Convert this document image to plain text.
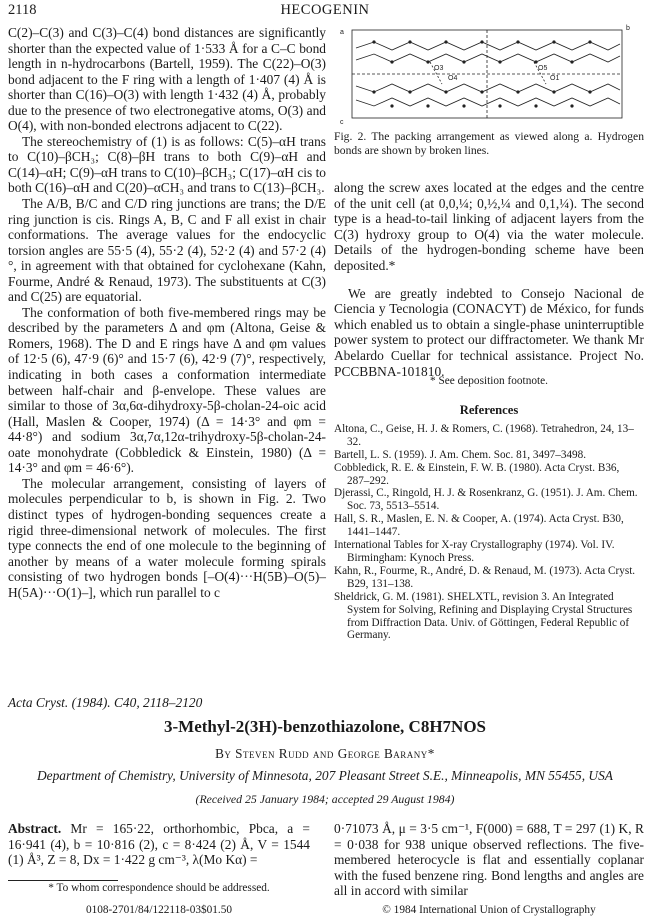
2118	HECOGENIN

C(2)–C(3) and C(3)–C(4) bond distances are significantly shorter than the expected value of 1·533 Å for a C–C bond length in n-hydrocarbons (Bartell, 1959). The C(22)–O(3) bond adjacent to the F ring with a length of 1·407 (4) Å is shorter than C(16)–O(3) with length 1·432 (4) Å, probably due to the presence of two electronegative atoms, O(3) and O(4), with non-bonded electrons adjacent to C(22).

The stereochemistry of (1) is as follows: C(5)–αH trans to C(10)–βCH₃; C(8)–βH trans to both C(9)–αH and C(14)–αH; C(9)–αH trans to C(10)–βCH₃; C(17)–αH cis to both C(16)–αH and C(20)–αCH₃ and trans to C(13)–βCH₃.

The A/B, B/C and C/D ring junctions are trans; the D/E ring junction is cis. Rings A, B, C and F all exist in chair conformations. The average values for the endocyclic torsion angles are 55·5 (4), 55·2 (4), 52·2 (4) and 57·2 (4)°, in agreement with that obtained for cyclohexane (Kahn, Fourme, André & Renaud, 1973). The substituents at C(3) and C(25) are equatorial.

The conformation of both five-membered rings may be described by the parameters Δ and φm (Altona, Geise & Romers, 1968). The D and E rings have Δ and φm values of 12·5 (6), 47·9 (6)° and 15·7 (6), 42·9 (7)°, respectively, indicating in both cases a conformation intermediate between half-chair and β-envelope. These values are similar to those of 3α,6α-dihydroxy-5β-cholan-24-oic acid (Hall, Maslen & Cooper, 1974) (Δ = 14·3° and φm = 44·8°) and sodium 3α,7α,12α-trihydroxy-5β-cholan-24-oate monohydrate (Cobbledick & Einstein, 1980) (Δ = 14·3° and φm = 46·6°).

The molecular arrangement, consisting of layers of molecules perpendicular to b, is shown in Fig. 2. Two distinct types of hydrogen-bonding sequences create a rigid three-dimensional network of molecules. The first type connects the end of one molecule to the beginning of another by means of a water molecule forming spirals consisting of two hydrogen bonds [–O(4)···H(5B)–O(5)–H(5A)···O(1)–], which run parallel to c

a
b
c
O3
O4
O5
O1
Fig. 2. The packing arrangement as viewed along a. Hydrogen bonds are shown by broken lines.

along the screw axes located at the edges and the centre of the unit cell (at 0,0,¼; 0,½,¼ and 0,1,¼). The second type is a head-to-tail linking of adjacent layers from the C(3) hydroxy group to O(4) via the water molecule. Details of the hydrogen-bonding scheme have been deposited.*

We are greatly indebted to Consejo Nacional de Ciencia y Tecnologia (CONACYT) de México, for funds which enabled us to obtain a single-phase uninterruptible power system to protect our diffractometer. We thank Mr Abelardo Cuellar for technical assistance. Project No. PCCBBNA-101810.

* See deposition footnote.
References

Altona, C., Geise, H. J. & Romers, C. (1968). Tetrahedron, 24, 13–32.

Bartell, L. S. (1959). J. Am. Chem. Soc. 81, 3497–3498.

Cobbledick, R. E. & Einstein, F. W. B. (1980). Acta Cryst. B36, 287–292.

Djerassi, C., Ringold, H. J. & Rosenkranz, G. (1951). J. Am. Chem. Soc. 73, 5513–5514.

Hall, S. R., Maslen, E. N. & Cooper, A. (1974). Acta Cryst. B30, 1441–1447.

International Tables for X-ray Crystallography (1974). Vol. IV. Birmingham: Kynoch Press.

Kahn, R., Fourme, R., André, D. & Renaud, M. (1973). Acta Cryst. B29, 131–138.

Sheldrick, G. M. (1981). SHELXTL, revision 3. An Integrated System for Solving, Refining and Displaying Crystal Structures from Diffraction Data. Univ. of Göttingen, Federal Republic of Germany.

Acta Cryst. (1984). C40, 2118–2120
3-Methyl-2(3H)-benzothiazolone, C8H7NOS
By Steven Rudd and George Barany*
Department of Chemistry, University of Minnesota, 207 Pleasant Street S.E., Minneapolis, MN 55455, USA
(Received 25 January 1984; accepted 29 August 1984)
Abstract. Mr = 165·22, orthorhombic, Pbca, a = 16·941 (4), b = 10·816 (2), c = 8·424 (2) Å, V = 1544 (1) Å³, Z = 8, Dx = 1·422 g cm⁻³, λ(Mo Kα) =
0·71073 Å, μ = 3·5 cm⁻¹, F(000) = 688, T = 297 (1) K, R = 0·038 for 938 unique observed reflections. The five-membered heterocycle is flat and essentially coplanar with the fused benzene ring. Bond lengths and angles are all in accord with similar
* To whom correspondence should be addressed.
0108-2701/84/122118-03$01.50	© 1984 International Union of Crystallography
